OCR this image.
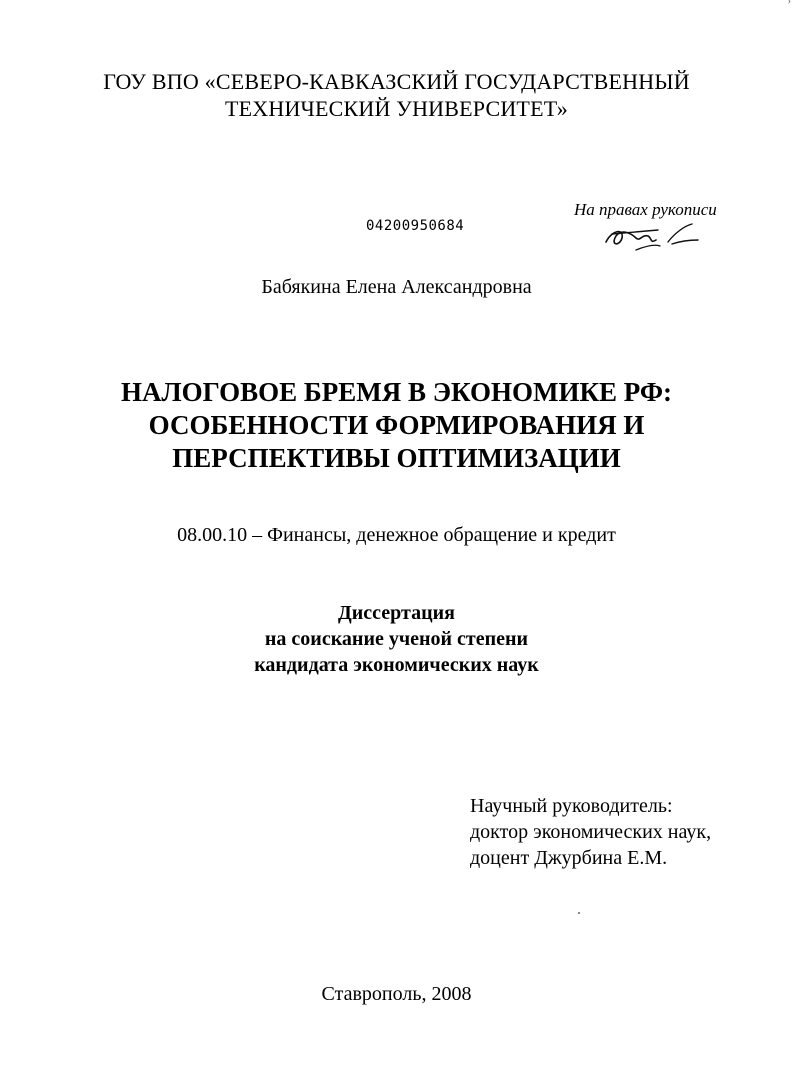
›
ГОУ ВПО «СЕВЕРО-КАВКАЗСКИЙ ГОСУДАРСТВЕННЫЙ
ТЕХНИЧЕСКИЙ УНИВЕРСИТЕТ»
На правах рукописи
04200950684
Бабякина Елена Александровна
НАЛОГОВОЕ БРЕМЯ В ЭКОНОМИКЕ РФ:
ОСОБЕННОСТИ ФОРМИРОВАНИЯ И
ПЕРСПЕКТИВЫ ОПТИМИЗАЦИИ
08.00.10 – Финансы, денежное обращение и кредит
Диссертация
на соискание ученой степени
кандидата экономических наук
Научный руководитель:
доктор экономических наук,
доцент Джурбина Е.М.
Ставрополь, 2008
